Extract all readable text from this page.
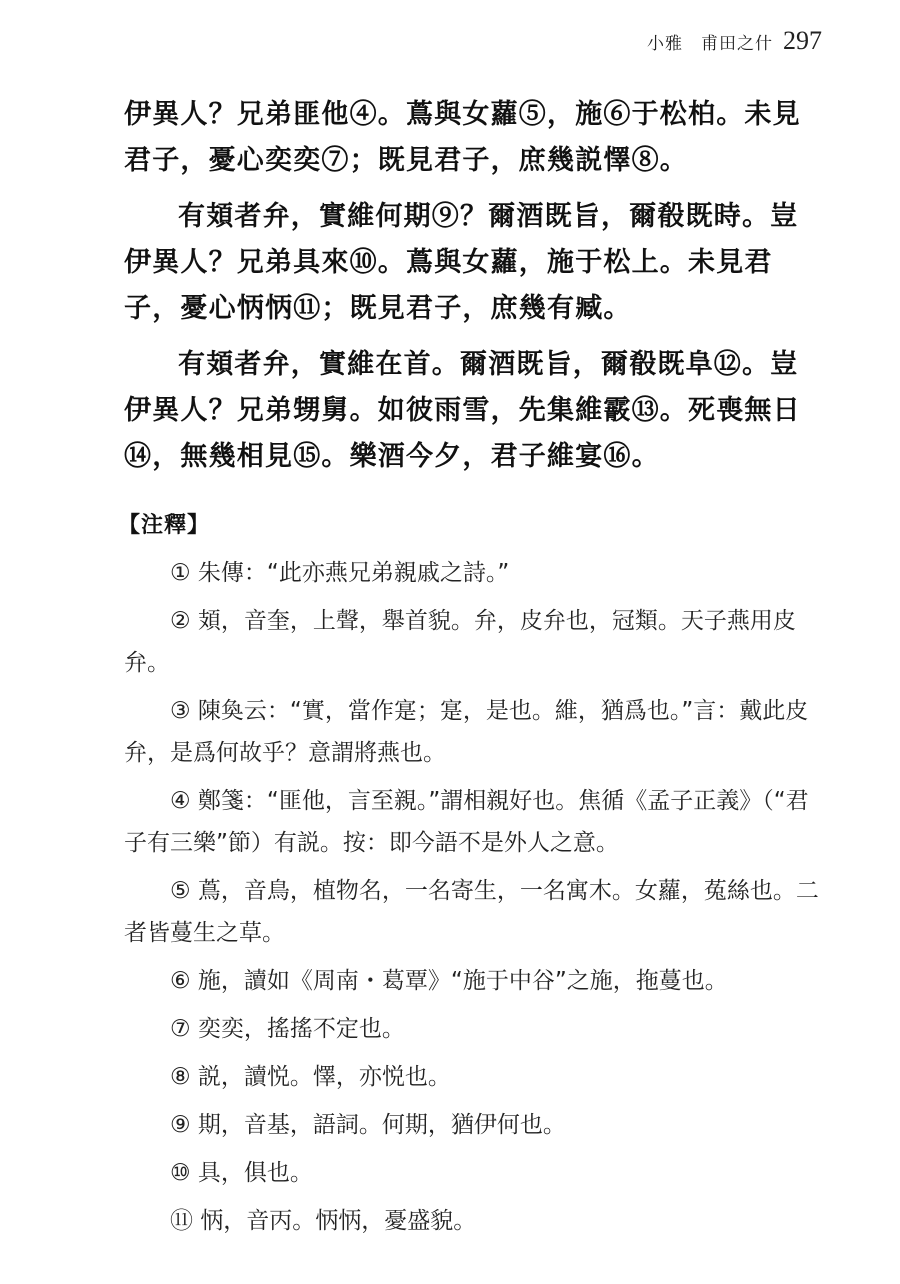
小雅　甫田之什 297

伊異人？兄弟匪他④。蔦與女蘿⑤，施⑥于松柏。未見君子，憂心奕奕⑦；既見君子，庶幾説懌⑧。

有頍者弁，實維何期⑨？爾酒既旨，爾殽既時。豈伊異人？兄弟具來⑩。蔦與女蘿，施于松上。未見君子，憂心怲怲⑪；既見君子，庶幾有臧。

有頍者弁，實維在首。爾酒既旨，爾殽既阜⑫。豈伊異人？兄弟甥舅。如彼雨雪，先集維霰⑬。死喪無日⑭，無幾相見⑮。樂酒今夕，君子維宴⑯。

【注釋】

① 朱傳：“此亦燕兄弟親戚之詩。”

② 頍，音奎，上聲，舉首貌。弁，皮弁也，冠類。天子燕用皮弁。

③ 陳奐云：“實，當作寔；寔，是也。維，猶爲也。”言：戴此皮弁，是爲何故乎？意謂將燕也。

④ 鄭箋：“匪他，言至親。”謂相親好也。焦循《孟子正義》（“君子有三樂”節）有説。按：即今語不是外人之意。

⑤ 蔦，音鳥，植物名，一名寄生，一名寓木。女蘿，菟絲也。二者皆蔓生之草。

⑥ 施，讀如《周南・葛覃》“施于中谷”之施，拖蔓也。

⑦ 奕奕，搖搖不定也。

⑧ 説，讀悦。懌，亦悦也。

⑨ 期，音基，語詞。何期，猶伊何也。

⑩ 具，俱也。

⑪ 怲，音丙。怲怲，憂盛貌。
